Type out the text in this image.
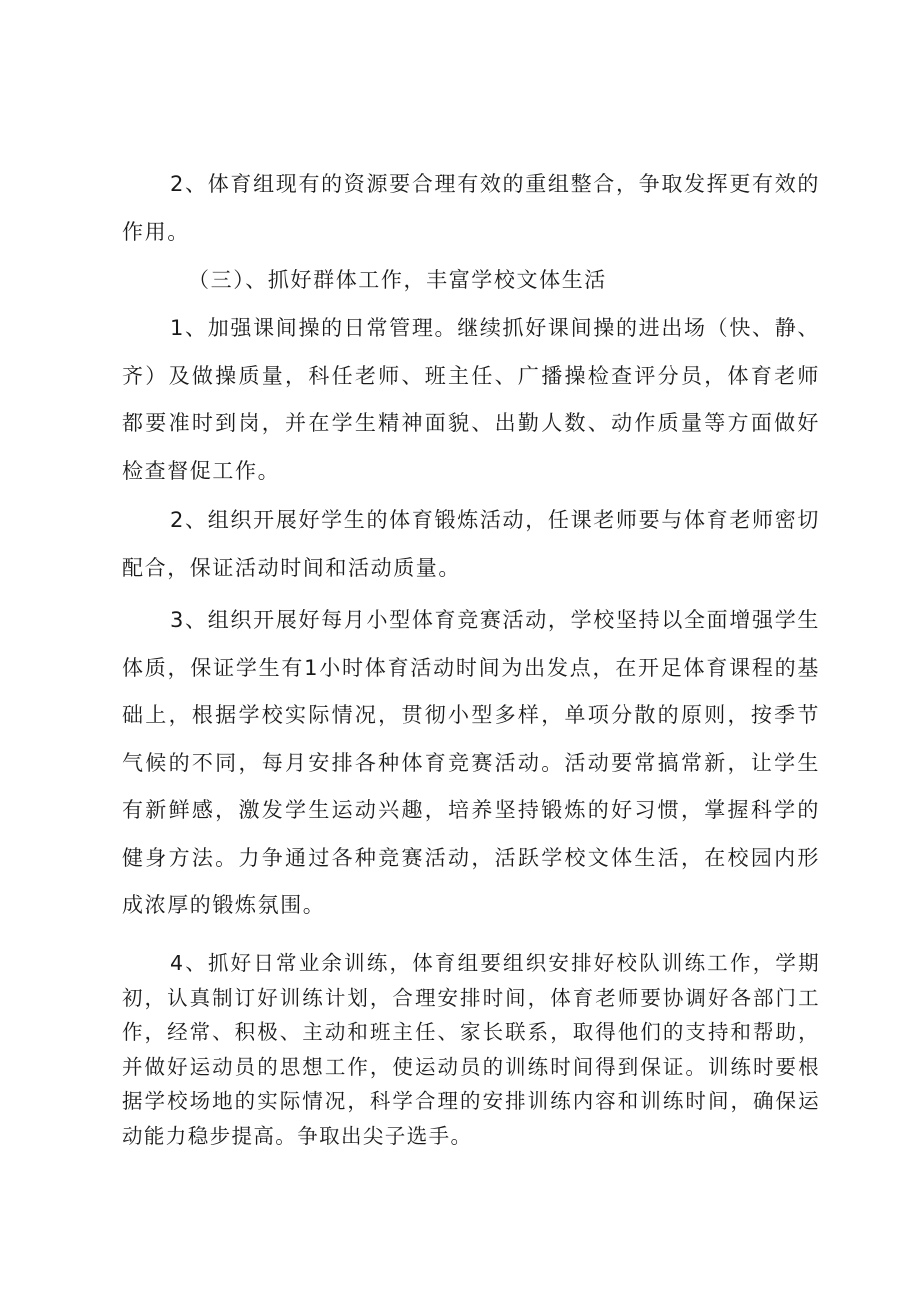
2、体育组现有的资源要合理有效的重组整合，争取发挥更有效的作用。

（三）、抓好群体工作，丰富学校文体生活

1、加强课间操的日常管理。继续抓好课间操的进出场（快、静、齐）及做操质量，科任老师、班主任、广播操检查评分员，体育老师都要准时到岗，并在学生精神面貌、出勤人数、动作质量等方面做好检查督促工作。

2、组织开展好学生的体育锻炼活动，任课老师要与体育老师密切配合，保证活动时间和活动质量。

3、组织开展好每月小型体育竞赛活动，学校坚持以全面增强学生体质，保证学生有1小时体育活动时间为出发点，在开足体育课程的基础上，根据学校实际情况，贯彻小型多样，单项分散的原则，按季节气候的不同，每月安排各种体育竞赛活动。活动要常搞常新，让学生有新鲜感，激发学生运动兴趣，培养坚持锻炼的好习惯，掌握科学的健身方法。力争通过各种竞赛活动，活跃学校文体生活，在校园内形成浓厚的锻炼氛围。

4、抓好日常业余训练，体育组要组织安排好校队训练工作，学期初，认真制订好训练计划，合理安排时间，体育老师要协调好各部门工作，经常、积极、主动和班主任、家长联系，取得他们的支持和帮助，并做好运动员的思想工作，使运动员的训练时间得到保证。训练时要根据学校场地的实际情况，科学合理的安排训练内容和训练时间，确保运动能力稳步提高。争取出尖子选手。
